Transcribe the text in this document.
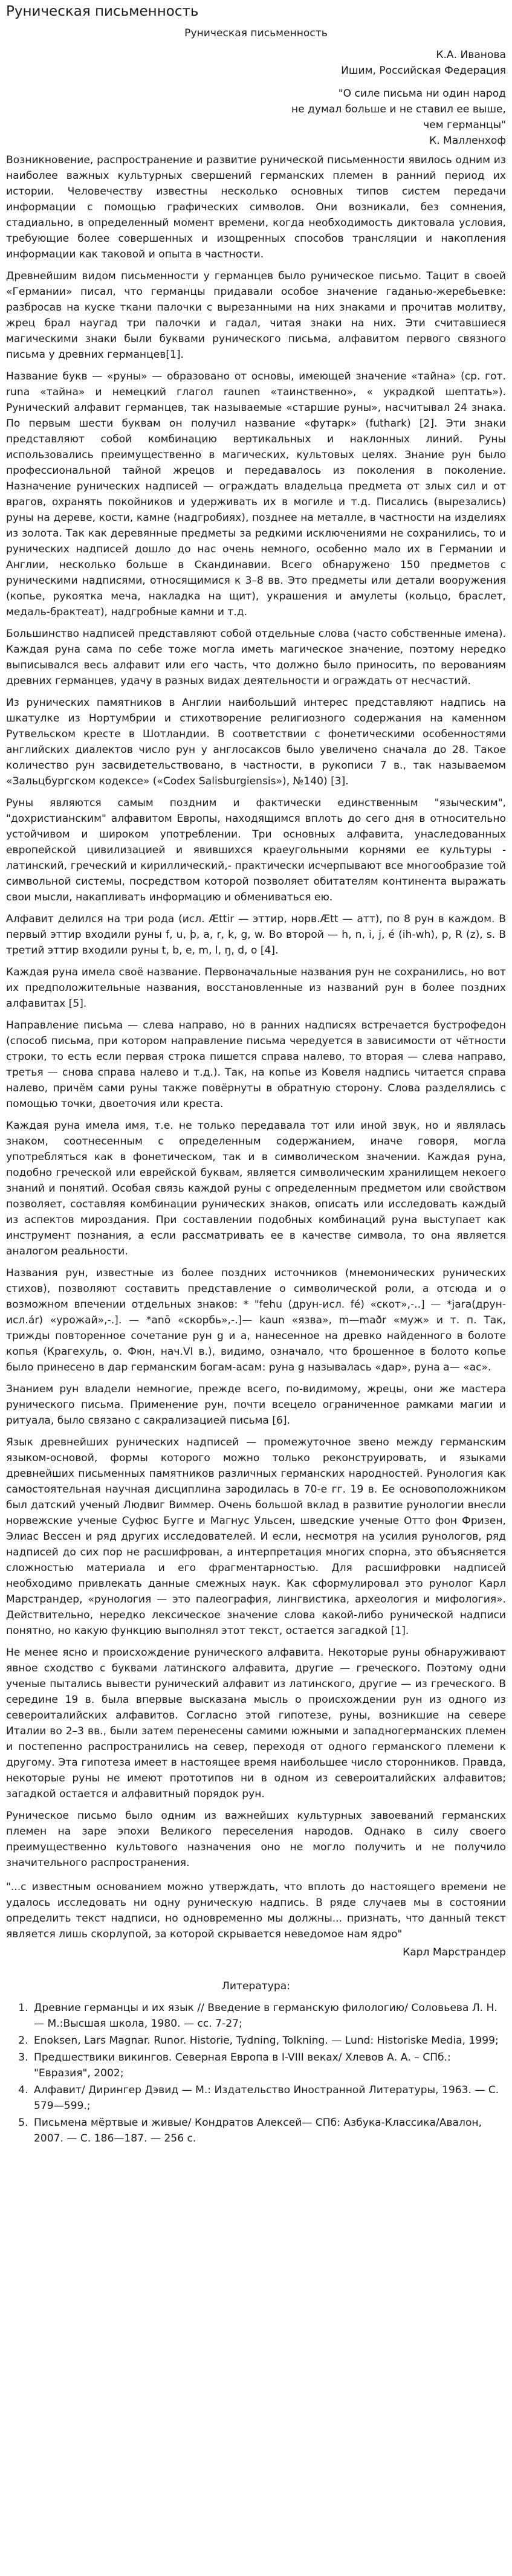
Руническая письменность

Руническая письменность

К.А. Иванова

Ишим, Российская Федерация

"О силе письма ни один народ

не думал больше и не ставил ее выше,

чем германцы"

К. Малленхоф

Возникновение, распространение и развитие рунической письменности явилось одним из наиболее важных культурных свершений германских племен в ранний период их истории. Человечеству известны несколько основных типов систем передачи информации с помощью графических символов. Они возникали, без сомнения, стадиально, в определенный момент времени, когда необходимость диктовала условия, требующие более совершенных и изощренных способов трансляции и накопления информации как таковой и опыта в частности.

Древнейшим видом письменности у германцев было руническое письмо. Тацит в своей «Германии» писал, что германцы придавали особое значение гаданью-жеребьевке: разбросав на куске ткани палочки с вырезанными на них знаками и прочитав молитву, жрец брал наугад три палочки и гадал, читая знаки на них. Эти считавшиеся магическими знаки были буквами рунического письма, алфавитом первого связного письма у древних германцев[1].

Название букв — «руны» — образовано от основы, имеющей значение «тайна» (ср. гот. runa «тайна» и немецкий глагол raunen «таинственно», « украдкой шептать»). Рунический алфавит германцев, так называемые «старшие руны», насчитывал 24 знака. По первым шести буквам он получил название «футарк» (futhark) [2]. Эти знаки представляют собой комбинацию вертикальных и наклонных линий. Руны использовались преимущественно в магических, культовых целях. Знание рун было профессиональной тайной жрецов и передавалось из поколения в поколение. Назначение рунических надписей — ограждать владельца предмета от злых сил и от врагов, охранять покойников и удерживать их в могиле и т.д. Писались (вырезались) руны на дереве, кости, камне (надгробиях), позднее на металле, в частности на изделиях из золота. Так как деревянные предметы за редкими исключениями не сохранились, то и рунических надписей дошло до нас очень немного, особенно мало их в Германии и Англии, несколько больше в Скандинавии. Всего обнаружено 150 предметов с руническими надписями, относящимися к 3–8 вв. Это предметы или детали вооружения (копье, рукоятка меча, накладка на щит), украшения и амулеты (кольцо, браслет, медаль-брактеат), надгробные камни и т.д.

Большинство надписей представляют собой отдельные слова (часто собственные имена). Каждая руна сама по себе тоже могла иметь магическое значение, поэтому нередко выписывался весь алфавит или его часть, что должно было приносить, по верованиям древних германцев, удачу в разных видах деятельности и ограждать от несчастий.

Из рунических памятников в Англии наибольший интерес представляют надпись на шкатулке из Нортумбрии и стихотворение религиозного содержания на каменном Рутвельском кресте в Шотландии. В соответствии с фонетическими особенностями английских диалектов число рун у англосаксов было увеличено сначала до 28. Такое количество рун засвидетельствовано, в частности, в рукописи 7 в., так называемом «Зальцбургском кодексе» («Codex Salisburgiensis»), №140) [3].

Руны являются самым поздним и фактически единственным "языческим", "дохристианским" алфавитом Европы, находящимся вплоть до сего дня в относительно устойчивом и широком употреблении. Три основных алфавита, унаследованных европейской цивилизацией и явившихся краеугольными корнями ее культуры - латинский, греческий и кириллический,- практически исчерпывают все многообразие той символьной системы, посредством которой позволяет обитателям континента выражать свои мысли, накапливать информацию и обмениваться ею.

Алфавит делился на три рода (исл. Ættir — эттир, норв.Ætt — атт), по 8 рун в каждом. В первый эттир входили руны f, u, þ, a, r, k, g, w. Во второй — h, n, i, j, é (ih-wh), p, R (z), s. В третий эттир входили руны t, b, e, m, l, ŋ, d, o [4].

Каждая руна имела своё название. Первоначальные названия рун не сохранились, но вот их предположительные названия, восстановленные из названий рун в более поздних алфавитах [5].

Направление письма — слева направо, но в ранних надписях встречается бустрофедон (способ письма, при котором направление письма чередуется в зависимости от чётности строки, то есть если первая строка пишется справа налево, то вторая — слева направо, третья — снова справа налево и т.д.). Так, на копье из Ковеля надпись читается справа налево, причём сами руны также повёрнуты в обратную сторону. Слова разделялись с помощью точки, двоеточия или креста.

Каждая руна имела имя, т.е. не только передавала тот или иной звук, но и являлась знаком, соотнесенным с определенным содержанием, иначе говоря, могла употребляться как в фонетическом, так и в символическом значении. Каждая руна, подобно греческой или еврейской буквам, является символическим хранилищем некоего знаний и понятий. Особая связь каждой руны с определенным предметом или свойством позволяет, составляя комбинации рунических знаков, описать или исследовать каждый из аспектов мироздания. При составлении подобных комбинаций руна выступает как инструмент познания, а если рассматривать ее в качестве символа, то она является аналогом реальности.

Названия рун, известные из более поздних источников (мнемонических рунических стихов), позволяют составить представление о символической роли, а отсюда и о возможном впечении отдельных знаков: * "fehu (друн-исл. fé) «скот»,-..] — *jara(друн-исл.ár) «урожай»,-.]. — *anō «скорбь»,-.]— kaun «язва», m—maðr «муж» и т. п. Так, трижды повторенное сочетание рун g и a, нанесенное на древко найденного в болоте копья (Крагехуль, о. Фюн, нач.VI в.), видимо, означало, что брошенное в болото копье было принесено в дар германским богам-асам: руна g называлась «дар», руна a— «ас».

Знанием рун владели немногие, прежде всего, по-видимому, жрецы, они же мастера рунического письма. Применение рун, почти всецело ограниченное рамками магии и ритуала, было связано с сакрализацией письма [6].

Язык древнейших рунических надписей — промежуточное звено между германским языком-основой, формы которого можно только реконструировать, и языками древнейших письменных памятников различных германских народностей. Рунология как самостоятельная научная дисциплина зародилась в 70-е гг. 19 в. Ее основоположником был датский ученый Людвиг Виммер. Очень большой вклад в развитие рунологии внесли норвежские ученые Суфюс Бугге и Магнус Ульсен, шведские ученые Отто фон Фризен, Элиас Вессен и ряд других исследователей. И если, несмотря на усилия рунологов, ряд надписей до сих пор не расшифрован, а интерпретация многих спорна, это объясняется сложностью материала и его фрагментарностью. Для расшифровки надписей необходимо привлекать данные смежных наук. Как сформулировал это рунолог Карл Марстрандер, «рунология — это палеография, лингвистика, археология и мифология». Действительно, нередко лексическое значение слова какой-либо рунической надписи понятно, но какую функцию выполнял этот текст, остается загадкой [1].

Не менее ясно и происхождение рунического алфавита. Некоторые руны обнаруживают явное сходство с буквами латинского алфавита, другие — греческого. Поэтому одни ученые пытались вывести рунический алфавит из латинского, другие — из греческого. В середине 19 в. была впервые высказана мысль о происхождении рун из одного из североиталийских алфавитов. Согласно этой гипотезе, руны, возникшие на севере Италии во 2–3 вв., были затем перенесены самими южными и западногерманских племен и постепенно распространились на север, переходя от одного германского племени к другому. Эта гипотеза имеет в настоящее время наибольшее число сторонников. Правда, некоторые руны не имеют прототипов ни в одном из североиталийских алфавитов; загадкой остается и алфавитный порядок рун.

Руническое письмо было одним из важнейших культурных завоеваний германских племен на заре эпохи Великого переселения народов. Однако в силу своего преимущественно культового назначения оно не могло получить и не получило значительного распространения.

"...с известным основанием можно утверждать, что вплоть до настоящего времени не удалось исследовать ни одну руническую надпись. В ряде случаев мы в состоянии определить текст надписи, но одновременно мы должны... признать, что данный текст является лишь скорлупой, за которой скрывается неведомое нам ядро"

Карл Марстрандер

Литература:

1. Древние германцы и их язык // Введение в германскую филологию/ Соловьева Л. Н. — М.:Высшая школа, 1980. — сс. 7-27;
2. Enoksen, Lars Magnar. Runor. Historie, Tydning, Tolkning. — Lund: Historiske Media, 1999;
3. Предшествики викингов. Северная Европа в I-VIII веках/ Хлевов А. А. – СПб.: "Евразия", 2002;
4. Алфавит/ Дирингер Дэвид — М.: Издательство Иностранной Литературы, 1963. — С. 579—599.;
5. Письмена мёртвые и живые/ Кондратов Алексей— СПб: Азбука-Классика/Авалон, 2007. — С. 186—187. — 256 с.
